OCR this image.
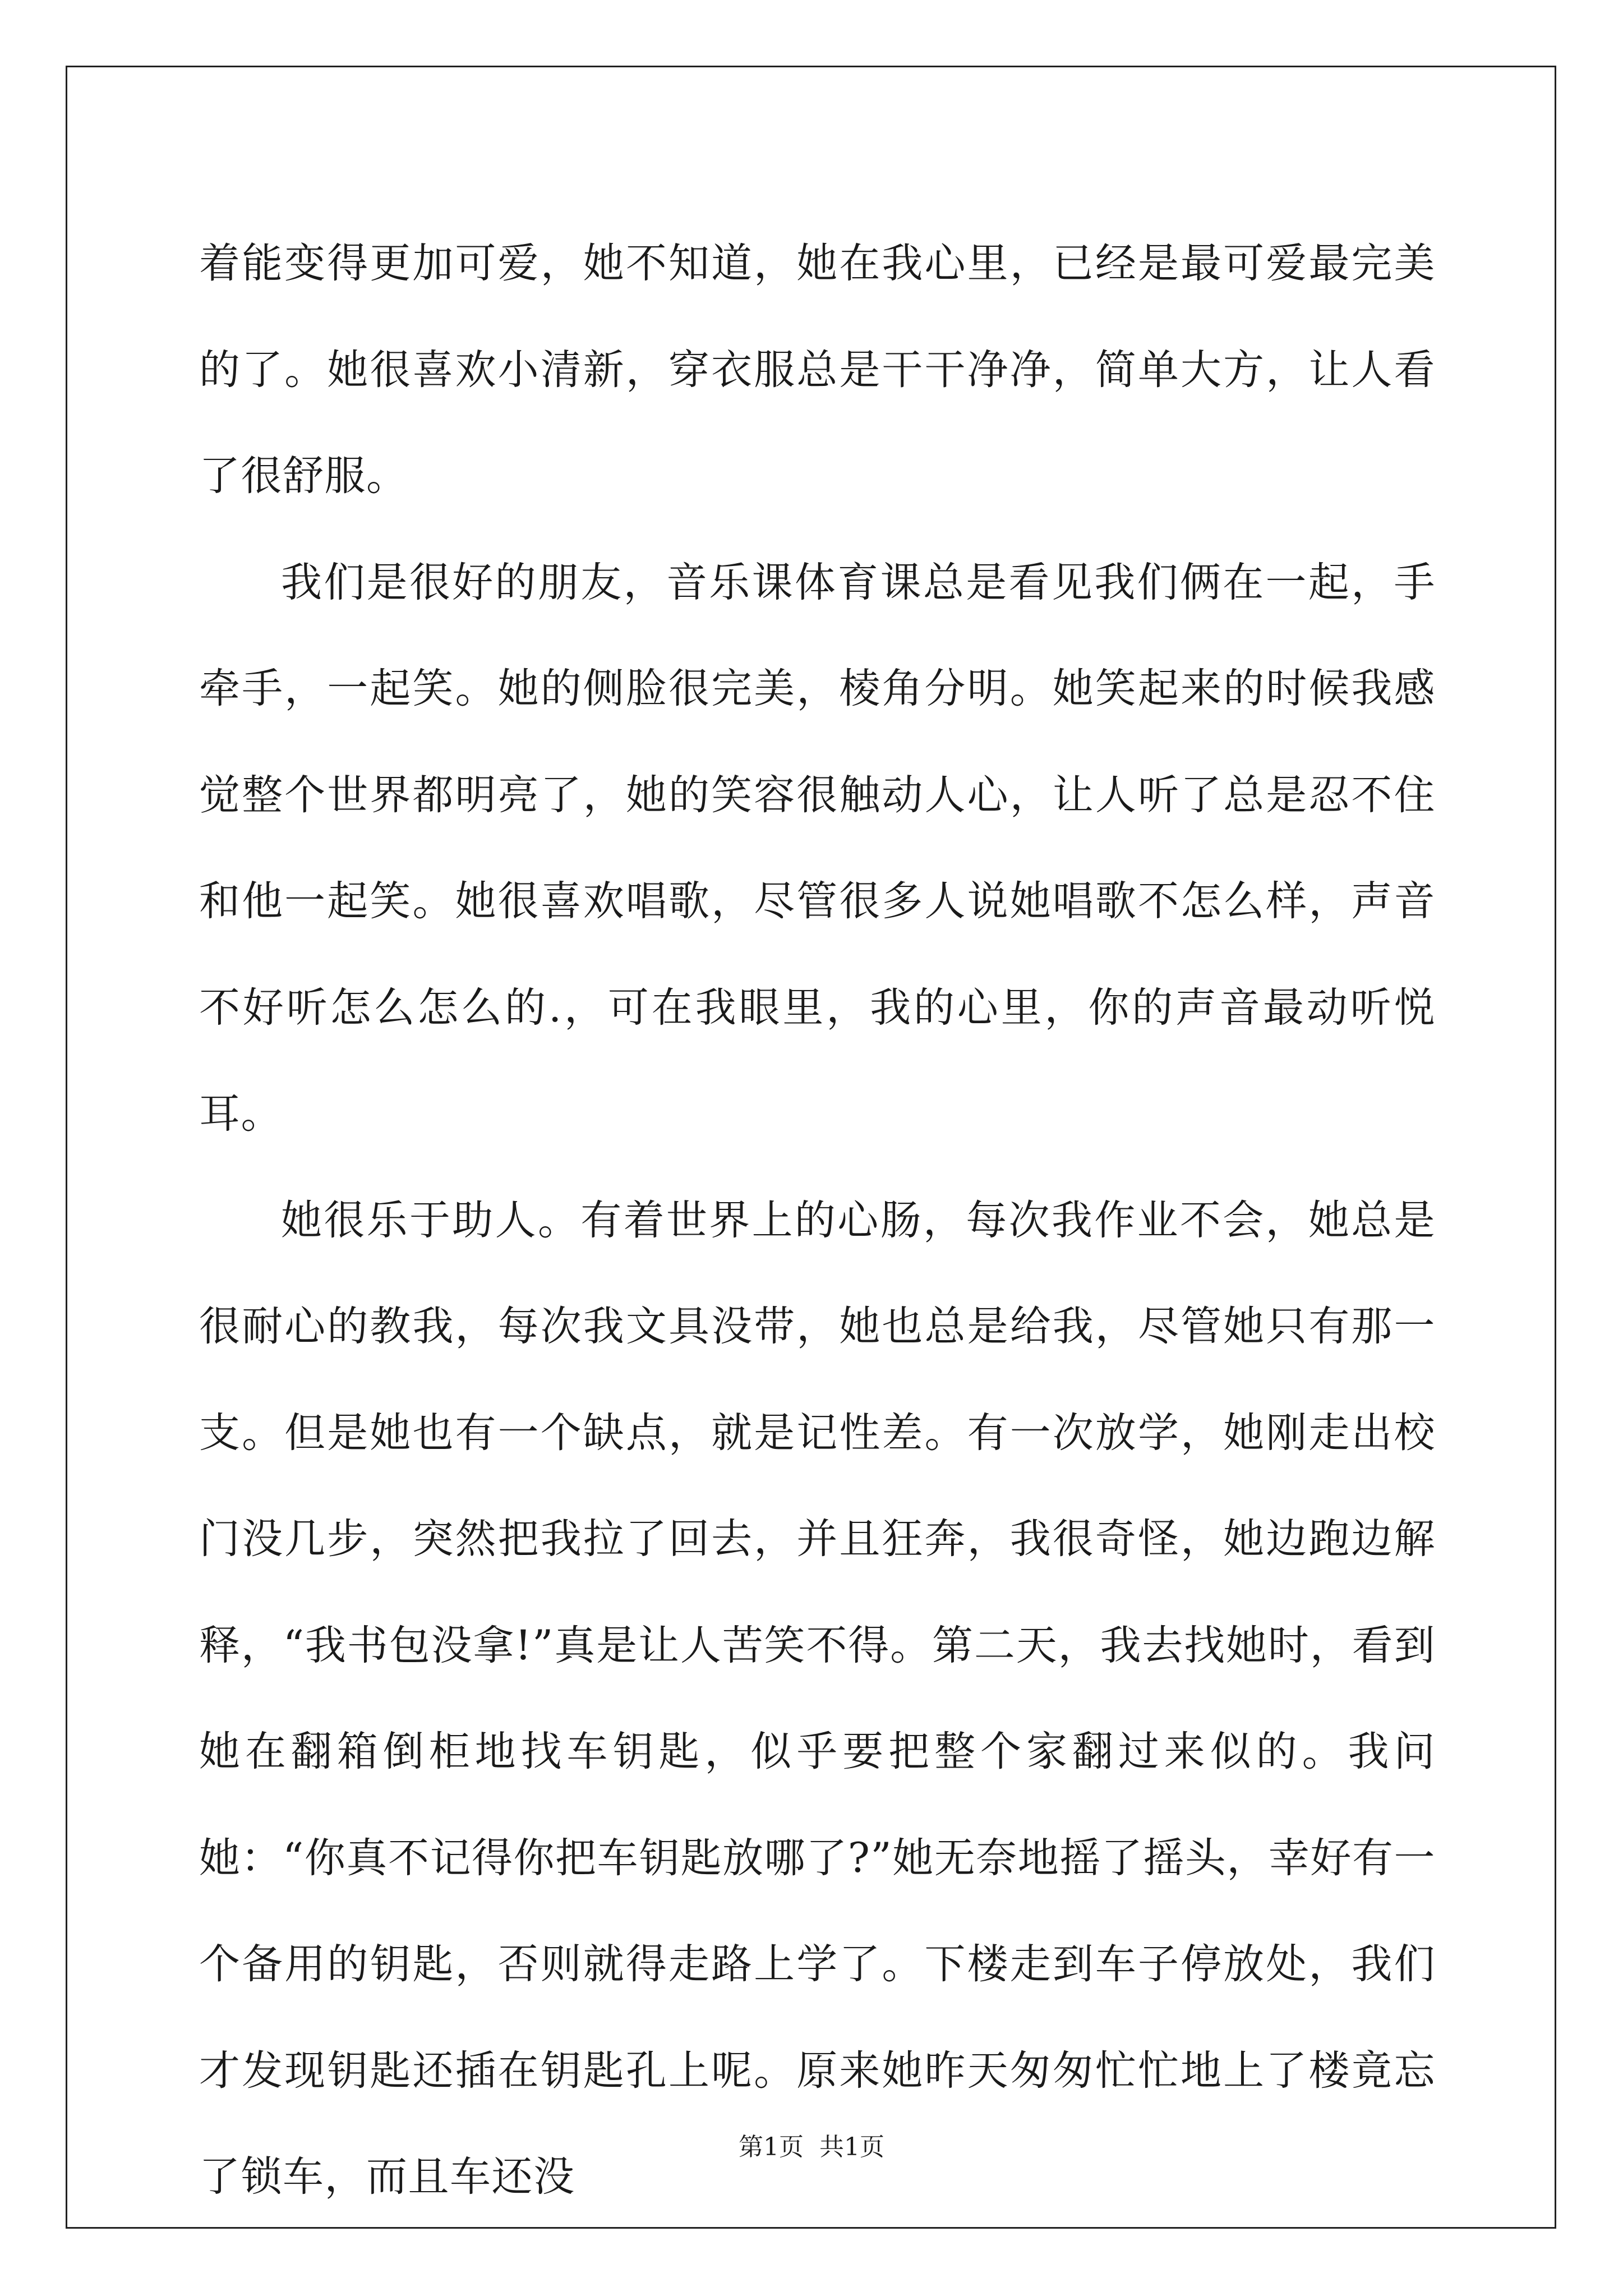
着能变得更加可爱，她不知道，她在我心里，已经是最可爱最完美的了。她很喜欢小清新，穿衣服总是干干净净，简单大方，让人看了很舒服。

我们是很好的朋友，音乐课体育课总是看见我们俩在一起，手牵手，一起笑。她的侧脸很完美，棱角分明。她笑起来的时候我感觉整个世界都明亮了，她的笑容很触动人心，让人听了总是忍不住和他一起笑。她很喜欢唱歌，尽管很多人说她唱歌不怎么样，声音不好听怎么怎么的.，可在我眼里，我的心里，你的声音最动听悦耳。

她很乐于助人。有着世界上的心肠，每次我作业不会，她总是很耐心的教我，每次我文具没带，她也总是给我，尽管她只有那一支。但是她也有一个缺点，就是记性差。有一次放学，她刚走出校门没几步，突然把我拉了回去，并且狂奔，我很奇怪，她边跑边解释，“我书包没拿!”真是让人苦笑不得。第二天，我去找她时，看到她在翻箱倒柜地找车钥匙，似乎要把整个家翻过来似的。我问她：“你真不记得你把车钥匙放哪了?”她无奈地摇了摇头，幸好有一个备用的钥匙，否则就得走路上学了。下楼走到车子停放处，我们才发现钥匙还插在钥匙孔上呢。原来她昨天匆匆忙忙地上了楼竟忘了锁车，而且车还没

第1页  共1页
